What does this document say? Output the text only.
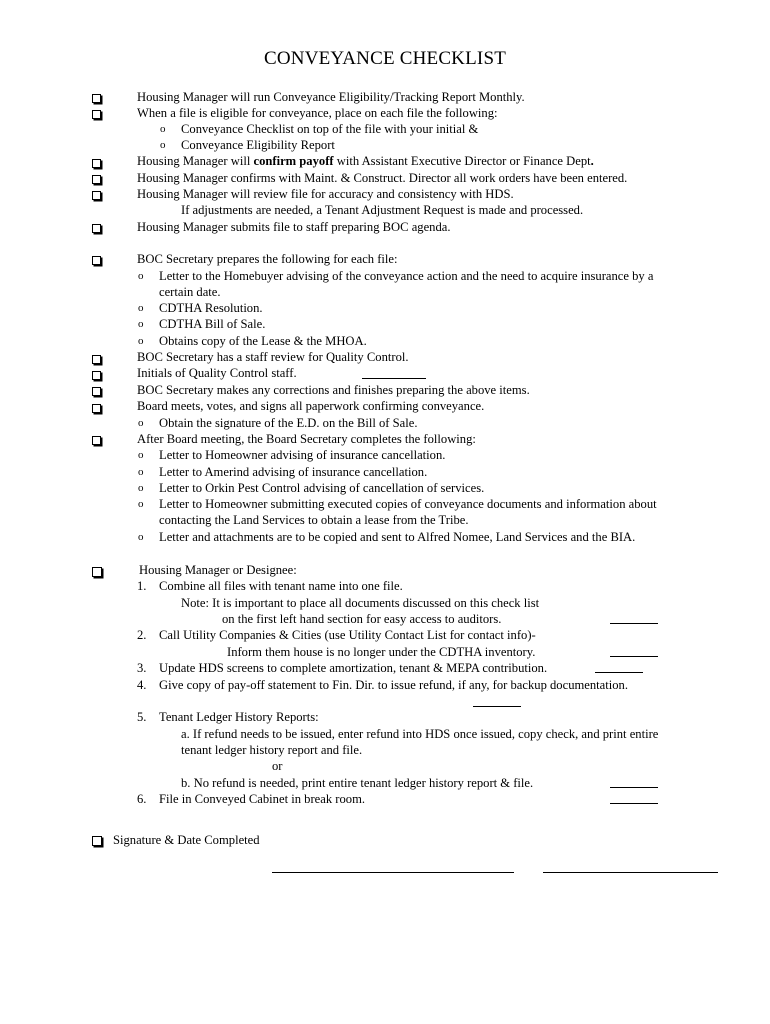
CONVEYANCE CHECKLIST
Housing Manager will run Conveyance Eligibility/Tracking Report Monthly.
When a file is eligible for conveyance, place on each file the following:
o Conveyance Checklist on top of the file with your initial &
o Conveyance Eligibility Report
Housing Manager will confirm payoff with Assistant Executive Director or Finance Dept.
Housing Manager confirms with Maint. & Construct. Director all work orders have been entered.
Housing Manager will review file for accuracy and consistency with HDS.
If adjustments are needed, a Tenant Adjustment Request is made and processed.
Housing Manager submits file to staff preparing BOC agenda.
BOC Secretary prepares the following for each file:
o Letter to the Homebuyer advising of the conveyance action and the need to acquire insurance by a
certain date.
o CDTHA Resolution.
o CDTHA Bill of Sale.
o Obtains copy of the Lease & the MHOA.
BOC Secretary has a staff review for Quality Control.
Initials of Quality Control staff.
BOC Secretary makes any corrections and finishes preparing the above items.
Board meets, votes, and signs all paperwork confirming conveyance.
o Obtain the signature of the E.D. on the Bill of Sale.
After Board meeting, the Board Secretary completes the following:
o Letter to Homeowner advising of insurance cancellation.
o Letter to Amerind advising of insurance cancellation.
o Letter to Orkin Pest Control advising of cancellation of services.
o Letter to Homeowner submitting executed copies of conveyance documents and information about
contacting the Land Services to obtain a lease from the Tribe.
o Letter and attachments are to be copied and sent to Alfred Nomee, Land Services and the BIA.
Housing Manager or Designee:
1. Combine all files with tenant name into one file.
Note: It is important to place all documents discussed on this check list
on the first left hand section for easy access to auditors.
2. Call Utility Companies & Cities (use Utility Contact List for contact info)-
Inform them house is no longer under the CDTHA inventory.
3. Update HDS screens to complete amortization, tenant & MEPA contribution.
4. Give copy of pay-off statement to Fin. Dir. to issue refund, if any, for backup documentation.
5. Tenant Ledger History Reports:
a. If refund needs to be issued, enter refund into HDS once issued, copy check, and print entire
tenant ledger history report and file.
or
b. No refund is needed, print entire tenant ledger history report & file.
6. File in Conveyed Cabinet in break room.
Signature & Date Completed
